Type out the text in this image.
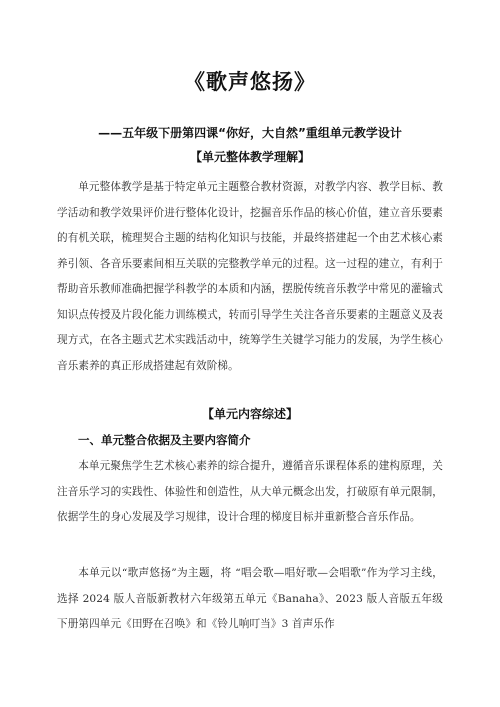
《歌声悠扬》
——五年级下册第四课“你好，大自然”重组单元教学设计
【单元整体教学理解】

单元整体教学是基于特定单元主题整合教材资源，对教学内容、教学目标、教学活动和教学效果评价进行整体化设计，挖掘音乐作品的核心价值，建立音乐要素的有机关联，梳理契合主题的结构化知识与技能，并最终搭建起一个由艺术核心素养引领、各音乐要素间相互关联的完整教学单元的过程。这一过程的建立，有利于帮助音乐教师准确把握学科教学的本质和内涵，摆脱传统音乐教学中常见的灌输式知识点传授及片段化能力训练模式，转而引导学生关注各音乐要素的主题意义及表现方式，在各主题式艺术实践活动中，统筹学生关键学习能力的发展，为学生核心音乐素养的真正形成搭建起有效阶梯。

【单元内容综述】
一、单元整合依据及主要内容简介

本单元聚焦学生艺术核心素养的综合提升，遵循音乐课程体系的建构原理，关注音乐学习的实践性、体验性和创造性，从大单元概念出发，打破原有单元限制，依据学生的身心发展及学习规律，设计合理的梯度目标并重新整合音乐作品。

本单元以“歌声悠扬”为主题，将 “唱会歌—唱好歌—会唱歌”作为学习主线，选择 2024 版人音版新教材六年级第五单元《Banaha》、2023 版人音版五年级下册第四单元《田野在召唤》和《铃儿响叮当》3 首声乐作
